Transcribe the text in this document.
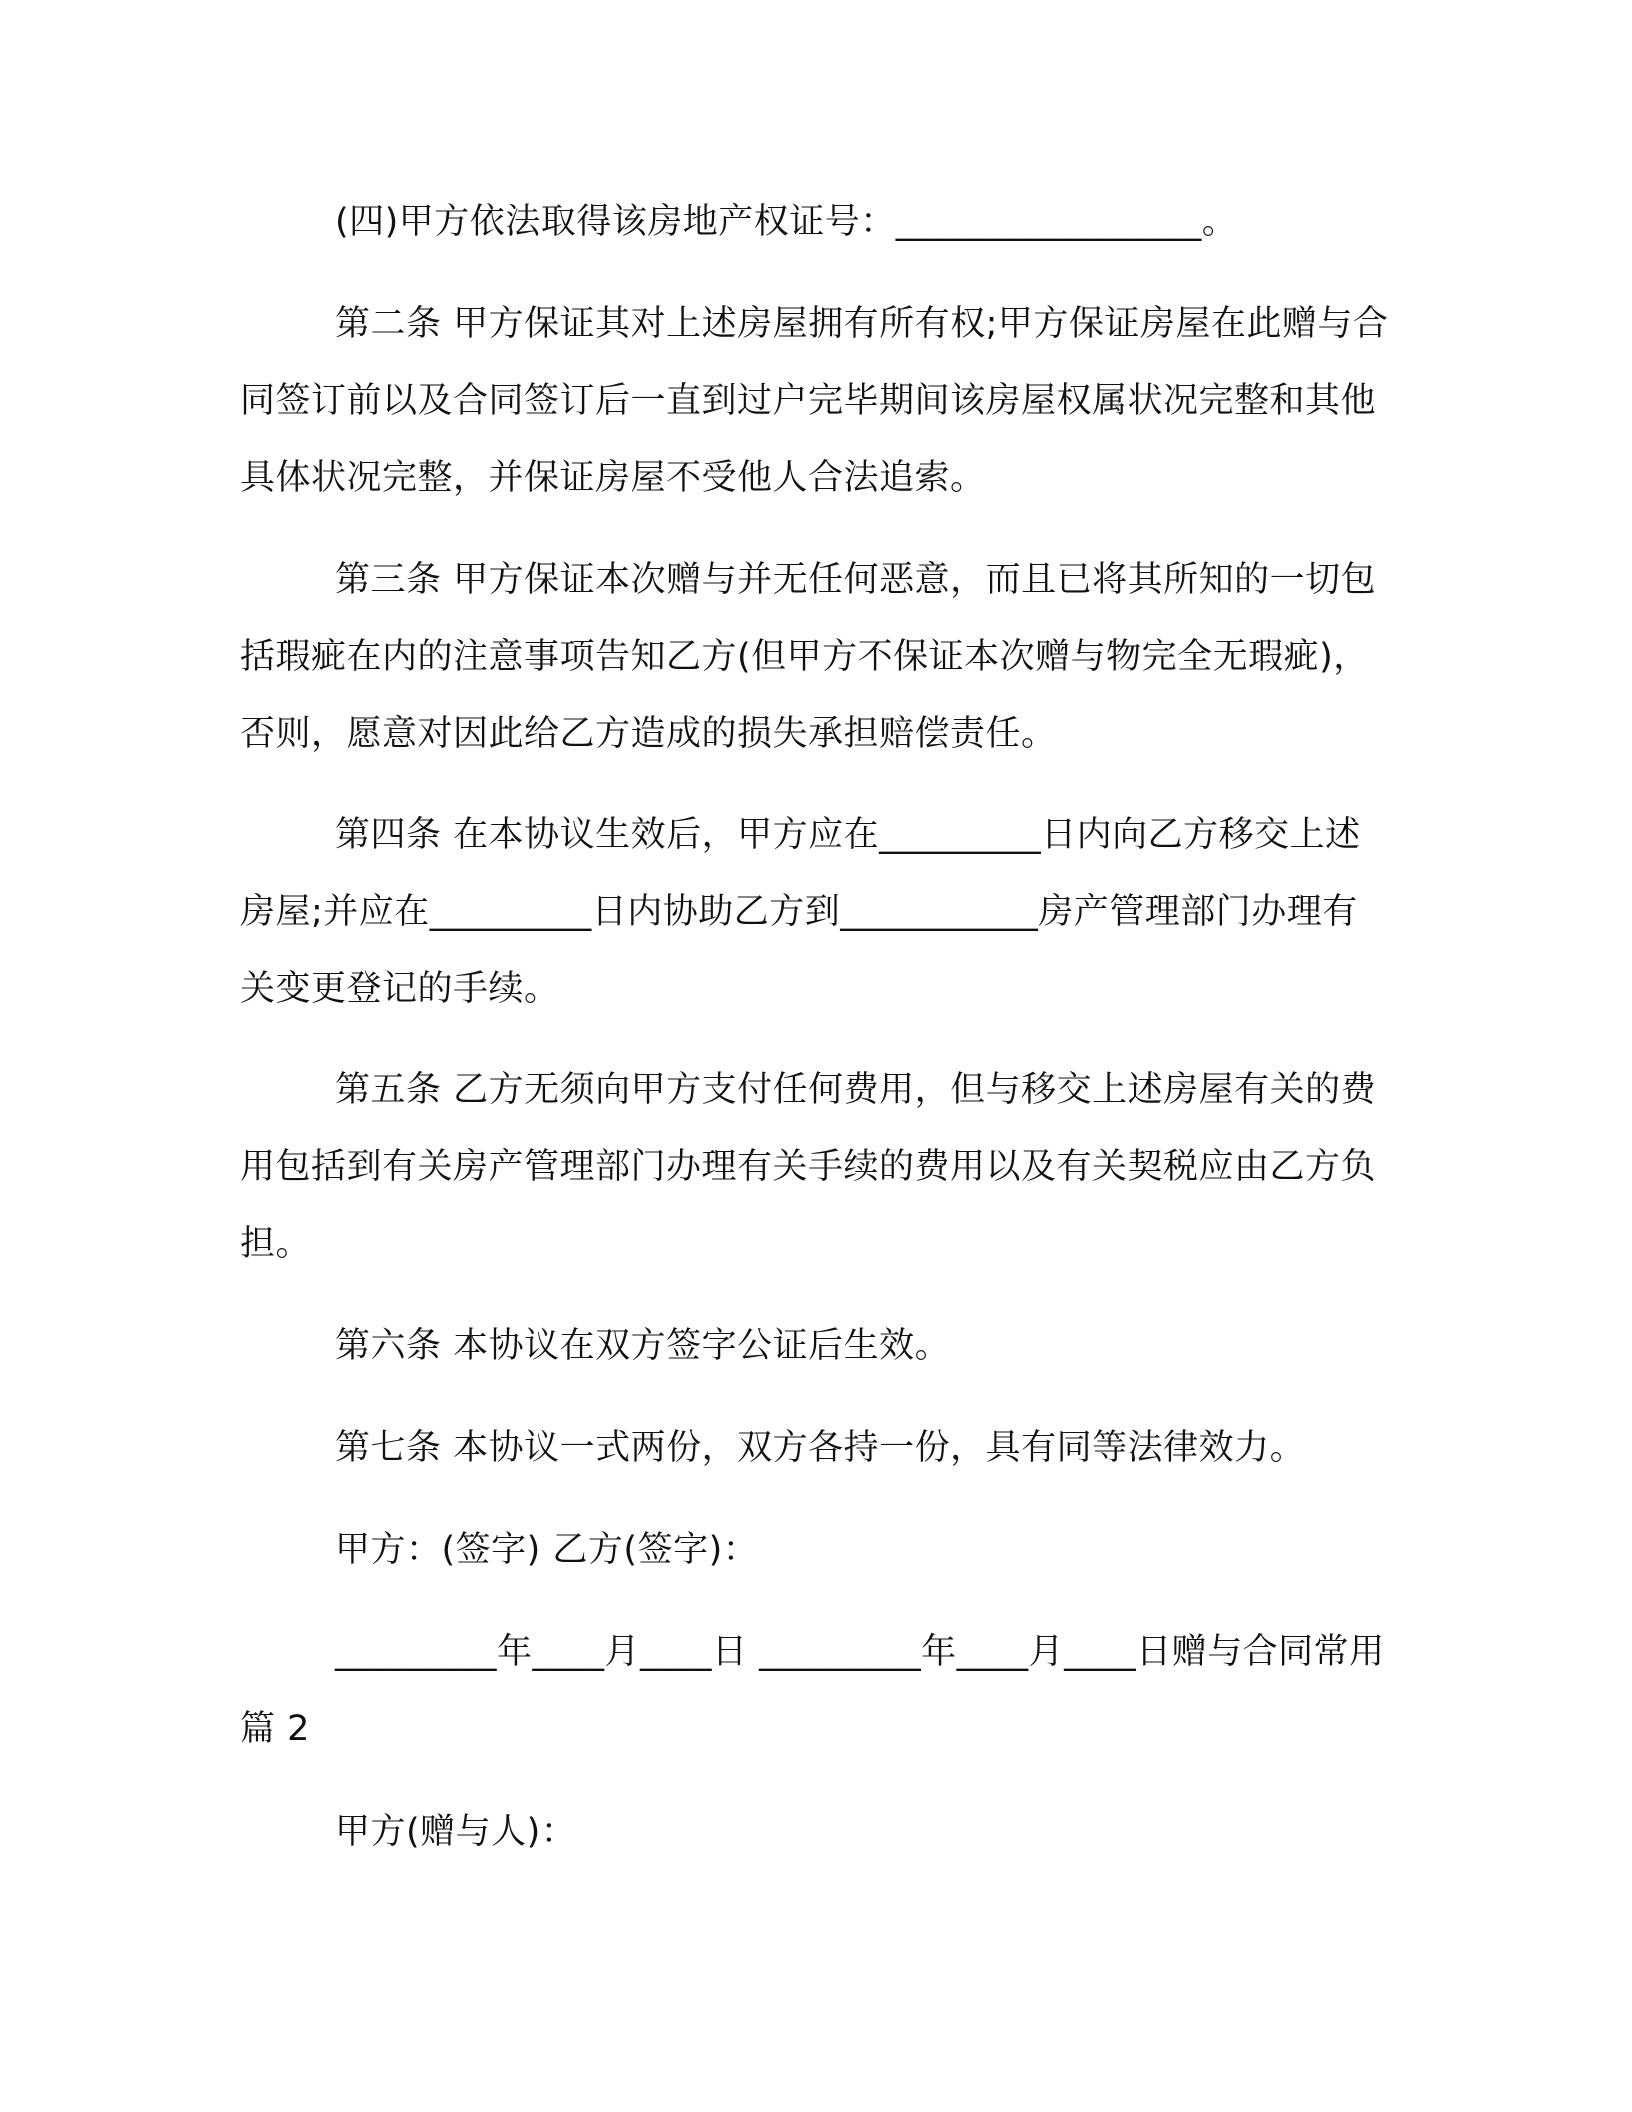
(四)甲方依法取得该房地产权证号：_________________。

第二条 甲方保证其对上述房屋拥有所有权;甲方保证房屋在此赠与合同签订前以及合同签订后一直到过户完毕期间该房屋权属状况完整和其他具体状况完整，并保证房屋不受他人合法追索。

第三条 甲方保证本次赠与并无任何恶意，而且已将其所知的一切包括瑕疵在内的注意事项告知乙方(但甲方不保证本次赠与物完全无瑕疵)，否则，愿意对因此给乙方造成的损失承担赔偿责任。

第四条 在本协议生效后，甲方应在_________日内向乙方移交上述房屋;并应在_________日内协助乙方到___________房产管理部门办理有关变更登记的手续。

第五条 乙方无须向甲方支付任何费用，但与移交上述房屋有关的费用包括到有关房产管理部门办理有关手续的费用以及有关契税应由乙方负担。

第六条 本协议在双方签字公证后生效。

第七条 本协议一式两份，双方各持一份，具有同等法律效力。

甲方：(签字) 乙方(签字)：

_________年____月____日 _________年____月____日赠与合同常用 篇 2

甲方(赠与人)：
